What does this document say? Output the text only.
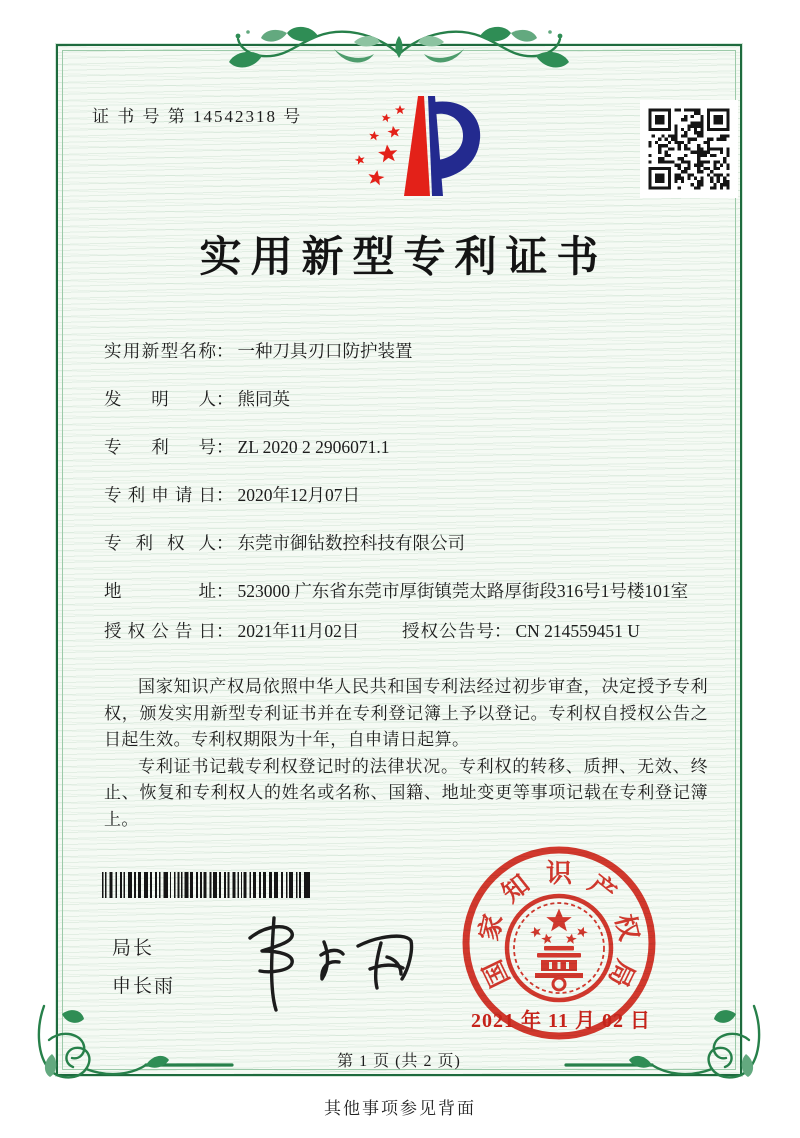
证 书 号 第 14542318 号
实用新型专利证书
实用新型名称 ： 一种刀具刃口防护装置
发明人 ： 熊同英
专利号 ： ZL 2020 2 2906071.1
专利申请日 ： 2020年12月07日
专利权人 ： 东莞市御钻数控科技有限公司
地址 ： 523000 广东省东莞市厚街镇莞太路厚街段316号1号楼101室
授权公告日 ： 2021年11月02日 授权公告号 ： CN 214559451 U

国家知识产权局依照中华人民共和国专利法经过初步审查，决定授予专利权，颁发实用新型专利证书并在专利登记簿上予以登记。专利权自授权公告之日起生效。专利权期限为十年，自申请日起算。

专利证书记载专利权登记时的法律状况。专利权的转移、质押、无效、终止、恢复和专利权人的姓名或名称、国籍、地址变更等事项记载在专利登记簿上。

局长
申长雨	国
家
知 识 产
权
局
2021 年 11 月 02 日
第 1 页 (共 2 页)
其他事项参见背面
